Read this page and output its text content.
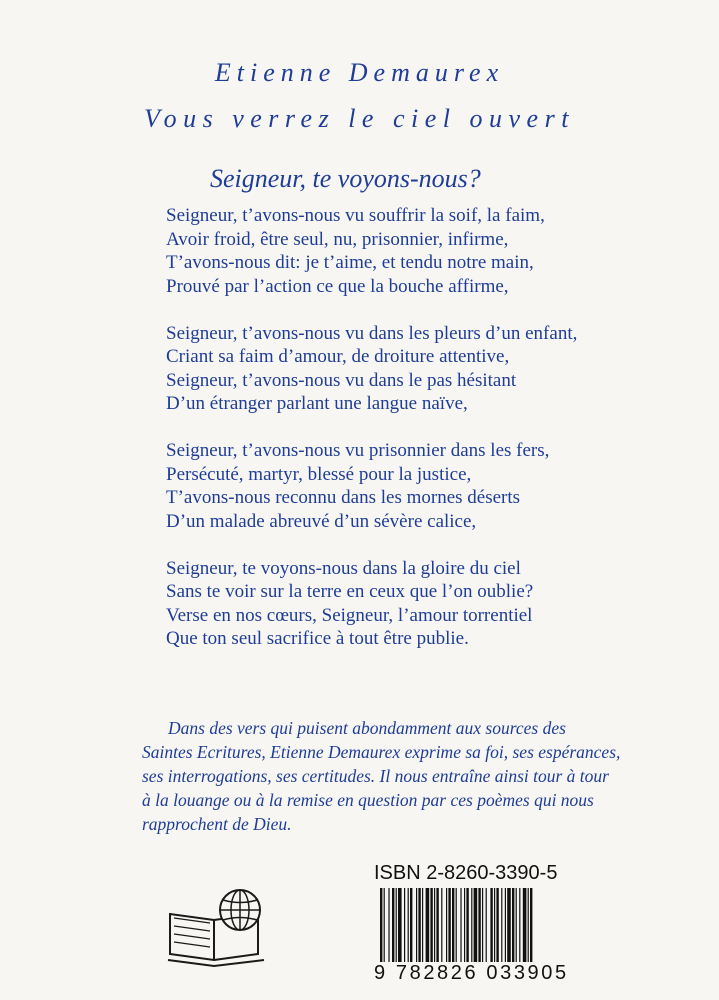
Etienne Demaurex
Vous verrez le ciel ouvert
Seigneur, te voyons-nous?
Seigneur, t’avons-nous vu souffrir la soif, la faim,
Avoir froid, être seul, nu, prisonnier, infirme,
T’avons-nous dit: je t’aime, et tendu notre main,
Prouvé par l’action ce que la bouche affirme,
Seigneur, t’avons-nous vu dans les pleurs d’un enfant,
Criant sa faim d’amour, de droiture attentive,
Seigneur, t’avons-nous vu dans le pas hésitant
D’un étranger parlant une langue naïve,
Seigneur, t’avons-nous vu prisonnier dans les fers,
Persécuté, martyr, blessé pour la justice,
T’avons-nous reconnu dans les mornes déserts
D’un malade abreuvé d’un sévère calice,
Seigneur, te voyons-nous dans la gloire du ciel
Sans te voir sur la terre en ceux que l’on oublie?
Verse en nos cœurs, Seigneur, l’amour torrentiel
Que ton seul sacrifice à tout être publie.
Dans des vers qui puisent abondamment aux sources des
Saintes Ecritures, Etienne Demaurex exprime sa foi, ses espérances,
ses interrogations, ses certitudes. Il nous entraîne ainsi tour à tour
à la louange ou à la remise en question par ces poèmes qui nous
rapprochent de Dieu.
ISBN 2-8260-3390-5
9 782826 033905
